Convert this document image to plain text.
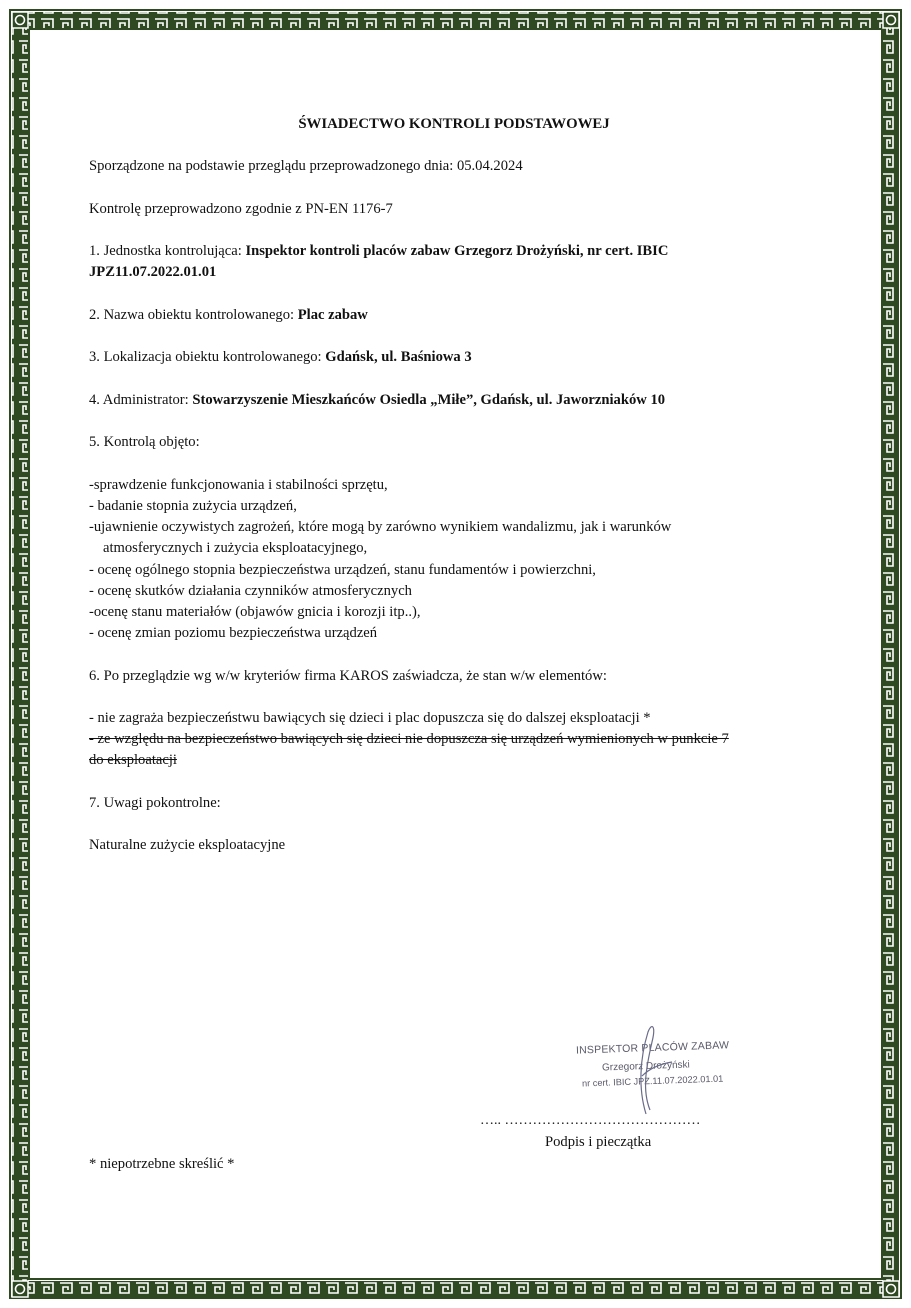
ŚWIADECTWO KONTROLI PODSTAWOWEJ
Sporządzone na podstawie przeglądu przeprowadzonego dnia: 05.04.2024
Kontrolę przeprowadzono zgodnie z PN-EN 1176-7
1. Jednostka kontrolująca: Inspektor kontroli placów zabaw Grzegorz Drożyński, nr cert. IBIC
JPZ11.07.2022.01.01
2. Nazwa obiektu kontrolowanego: Plac zabaw
3. Lokalizacja obiektu kontrolowanego: Gdańsk, ul. Baśniowa 3
4. Administrator: Stowarzyszenie Mieszkańców Osiedla „Miłe”, Gdańsk, ul. Jaworzniaków 10
5. Kontrolą objęto:
-sprawdzenie funkcjonowania i stabilności sprzętu,
- badanie stopnia zużycia urządzeń,
-ujawnienie oczywistych zagrożeń, które mogą by zarówno wynikiem wandalizmu, jak i warunków
atmosferycznych i zużycia eksploatacyjnego,
- ocenę ogólnego stopnia bezpieczeństwa urządzeń, stanu fundamentów i powierzchni,
- ocenę skutków działania czynników atmosferycznych
-ocenę stanu materiałów (objawów gnicia i korozji itp..),
- ocenę zmian poziomu bezpieczeństwa urządzeń
6. Po przeglądzie wg w/w kryteriów firma KAROS zaświadcza, że stan w/w elementów:
- nie zagraża bezpieczeństwu bawiących się dzieci i plac dopuszcza się do dalszej eksploatacji *
- ze względu na bezpieczeństwo bawiących się dzieci nie dopuszcza się urządzeń wymienionych w punkcie 7
do eksploatacji
7. Uwagi pokontrolne:
Naturalne zużycie eksploatacyjne
INSPEKTOR PLACÓW ZABAW
Grzegorz Drożyński
nr cert. IBIC JPZ.11.07.2022.01.01
….. ……………………………………
Podpis i pieczątka
* niepotrzebne skreślić *
